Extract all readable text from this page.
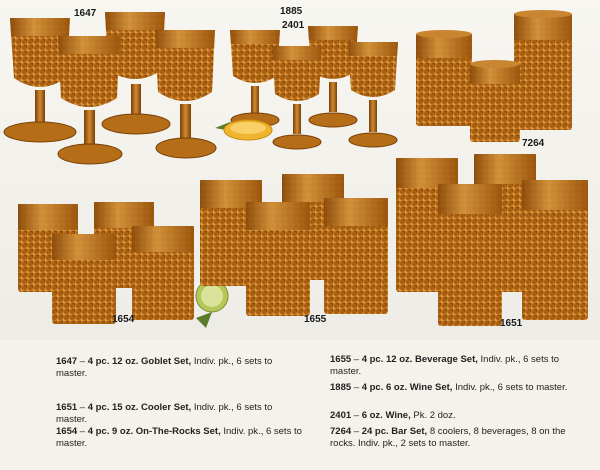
1647	1885
2401
7264
1654	1655	1651
1647 – 4 pc. 12 oz. Goblet Set, Indiv. pk., 6 sets to master.
1651 – 4 pc. 15 oz. Cooler Set, Indiv. pk., 6 sets to master.
1654 – 4 pc. 9 oz. On-The-Rocks Set, Indiv. pk., 6 sets to master.
1655 – 4 pc. 12 oz. Beverage Set, Indiv. pk., 6 sets to master.
1885 – 4 pc. 6 oz. Wine Set, Indiv. pk., 6 sets to master.
2401 – 6 oz. Wine, Pk. 2 doz.
7264 – 24 pc. Bar Set, 8 coolers, 8 beverages, 8 on the rocks. Indiv. pk., 2 sets to master.
